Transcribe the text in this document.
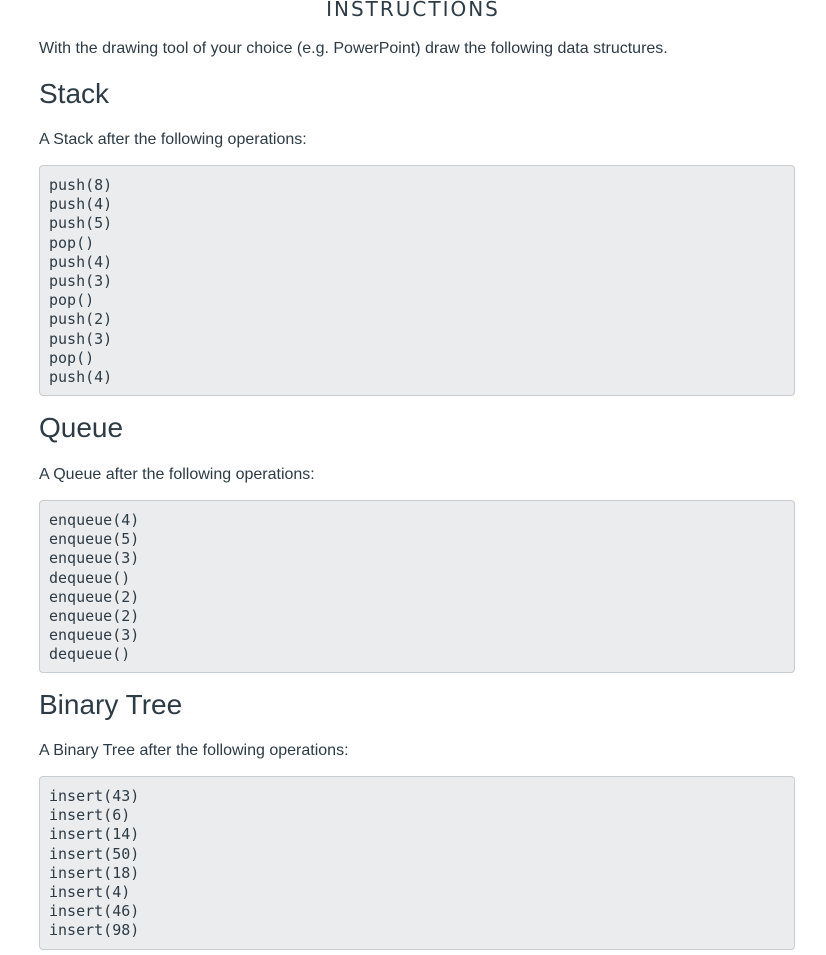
INSTRUCTIONS
With the drawing tool of your choice (e.g. PowerPoint) draw the following data structures.
Stack
A Stack after the following operations:
push(8)
push(4)
push(5)
pop()
push(4)
push(3)
pop()
push(2)
push(3)
pop()
push(4)
Queue
A Queue after the following operations:
enqueue(4)
enqueue(5)
enqueue(3)
dequeue()
enqueue(2)
enqueue(2)
enqueue(3)
dequeue()
Binary Tree
A Binary Tree after the following operations:
insert(43)
insert(6)
insert(14)
insert(50)
insert(18)
insert(4)
insert(46)
insert(98)
